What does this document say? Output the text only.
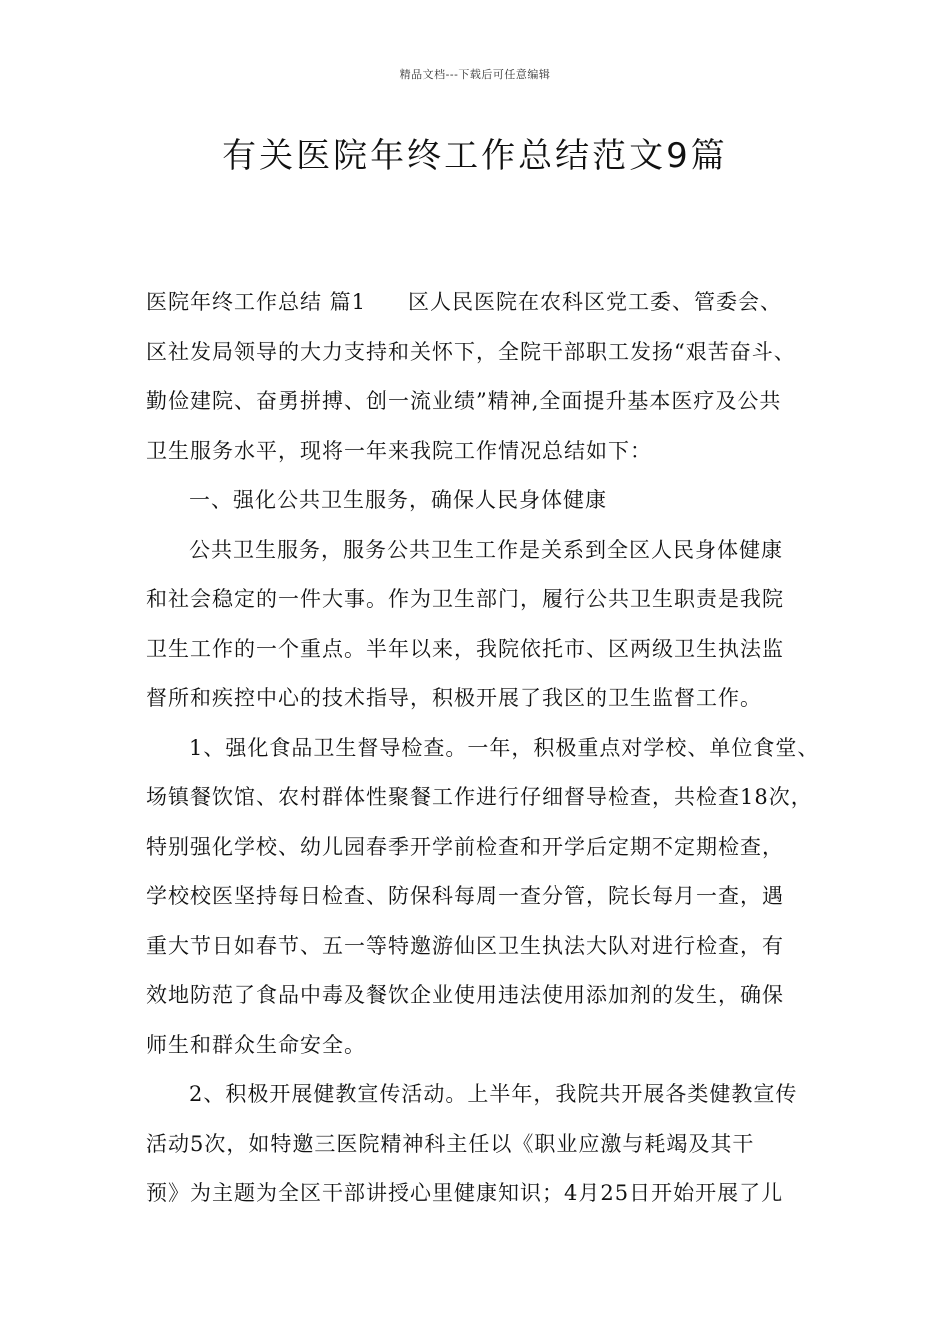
精品文档---下载后可任意编辑
有关医院年终工作总结范文9篇
医院年终工作总结 篇1 区人民医院在农科区党工委、管委会、
区社发局领导的大力支持和关怀下，全院干部职工发扬“艰苦奋斗、
勤俭建院、奋勇拼搏、创一流业绩”精神,全面提升基本医疗及公共
卫生服务水平，现将一年来我院工作情况总结如下：
一、强化公共卫生服务，确保人民身体健康
公共卫生服务，服务公共卫生工作是关系到全区人民身体健康
和社会稳定的一件大事。作为卫生部门，履行公共卫生职责是我院
卫生工作的一个重点。半年以来，我院依托市、区两级卫生执法监
督所和疾控中心的技术指导，积极开展了我区的卫生监督工作。
1、强化食品卫生督导检查。一年，积极重点对学校、单位食堂、
场镇餐饮馆、农村群体性聚餐工作进行仔细督导检查，共检查18次，
特别强化学校、幼儿园春季开学前检查和开学后定期不定期检查，
学校校医坚持每日检查、防保科每周一查分管，院长每月一查，遇
重大节日如春节、五一等特邀游仙区卫生执法大队对进行检查，有
效地防范了食品中毒及餐饮企业使用违法使用添加剂的发生，确保
师生和群众生命安全。
2、积极开展健教宣传活动。上半年，我院共开展各类健教宣传
活动5次，如特邀三医院精神科主任以《职业应激与耗竭及其干
预》为主题为全区干部讲授心里健康知识；4月25日开始开展了儿
